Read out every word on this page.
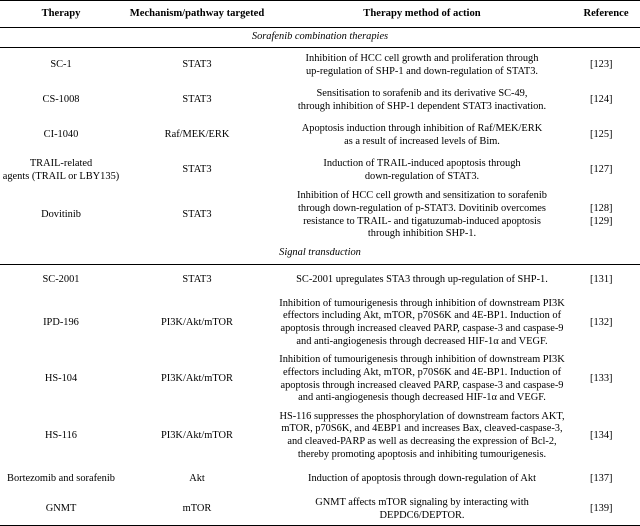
Therapy	Mechanism/pathway targeted	Therapy method of action	Reference
Sorafenib combination therapies			
SC-1	STAT3	Inhibition of HCC cell growth and proliferation through
up-regulation of SHP-1 and down-regulation of STAT3.	[123]
CS-1008	STAT3	Sensitisation to sorafenib and its derivative SC-49,
through inhibition of SHP-1 dependent STAT3 inactivation.	[124]
CI-1040	Raf/MEK/ERK	Apoptosis induction through inhibition of Raf/MEK/ERK
as a result of increased levels of Bim.	[125]
TRAIL-related
agents (TRAIL or LBY135)	STAT3	Induction of TRAIL-induced apoptosis through
down-regulation of STAT3.	[127]
Dovitinib	STAT3	Inhibition of HCC cell growth and sensitization to sorafenib
through down-regulation of p-STAT3. Dovitinib overcomes
resistance to TRAIL- and tigatuzumab-induced apoptosis
through inhibition SHP-1.	[128]
[129]
Signal transduction			
SC-2001	STAT3	SC-2001 upregulates STA3 through up-regulation of SHP-1.	[131]
IPD-196	PI3K/Akt/mTOR	Inhibition of tumourigenesis through inhibition of downstream PI3K
effectors including Akt, mTOR, p70S6K and 4E-BP1. Induction of
apoptosis through increased cleaved PARP, caspase-3 and caspase-9
and anti-angiogenesis through decreased HIF-1α and VEGF.	[132]
HS-104	PI3K/Akt/mTOR	Inhibition of tumourigenesis through inhibition of downstream PI3K
effectors including Akt, mTOR, p70S6K and 4E-BP1. Induction of
apoptosis through increased cleaved PARP, caspase-3 and caspase-9
and anti-angiogenesis though decreased HIF-1α and VEGF.	[133]
HS-116	PI3K/Akt/mTOR	HS-116 suppresses the phosphorylation of downstream factors AKT,
mTOR, p70S6K, and 4EBP1 and increases Bax, cleaved-caspase-3,
and cleaved-PARP as well as decreasing the expression of Bcl-2,
thereby promoting apoptosis and inhibiting tumourigenesis.	[134]
Bortezomib and sorafenib	Akt	Induction of apoptosis through down-regulation of Akt	[137]
GNMT	mTOR	GNMT affects mTOR signaling by interacting with
DEPDC6/DEPTOR.	[139]
